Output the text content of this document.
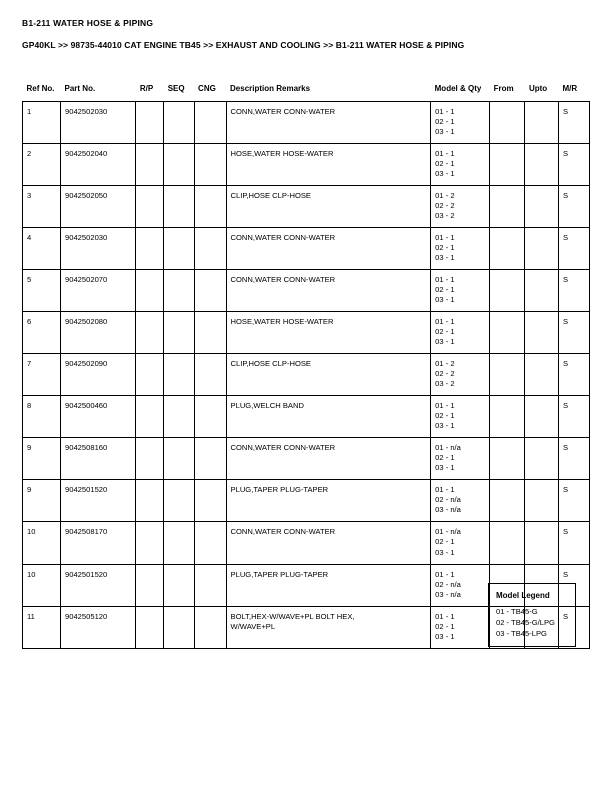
B1-211 WATER HOSE & PIPING
GP40KL >> 98735-44010 CAT ENGINE TB45 >> EXHAUST AND COOLING >> B1-211 WATER HOSE & PIPING
Ref No.	Part No.	R/P	SEQ	CNG	Description Remarks	Model & Qty	From	Upto	M/R
1	9042502030				CONN,WATER CONN-WATER	01 - 1
02 - 1
03 - 1			S
2	9042502040				HOSE,WATER HOSE-WATER	01 - 1
02 - 1
03 - 1			S
3	9042502050				CLIP,HOSE CLP-HOSE	01 - 2
02 - 2
03 - 2			S
4	9042502030				CONN,WATER CONN-WATER	01 - 1
02 - 1
03 - 1			S
5	9042502070				CONN,WATER CONN-WATER	01 - 1
02 - 1
03 - 1			S
6	9042502080				HOSE,WATER HOSE-WATER	01 - 1
02 - 1
03 - 1			S
7	9042502090				CLIP,HOSE CLP-HOSE	01 - 2
02 - 2
03 - 2			S
8	9042500460				PLUG,WELCH BAND	01 - 1
02 - 1
03 - 1			S
9	9042508160				CONN,WATER CONN-WATER	01 - n/a
02 - 1
03 - 1			S
9	9042501520				PLUG,TAPER PLUG-TAPER	01 - 1
02 - n/a
03 - n/a			S
10	9042508170				CONN,WATER CONN-WATER	01 - n/a
02 - 1
03 - 1			S
10	9042501520				PLUG,TAPER PLUG-TAPER	01 - 1
02 - n/a
03 - n/a			S
11	9042505120				BOLT,HEX-W/WAVE+PL BOLT HEX,
W/WAVE+PL	01 - 1
02 - 1
03 - 1			S
Model Legend
01 - TB45-G
02 - TB45-G/LPG
03 - TB45-LPG
